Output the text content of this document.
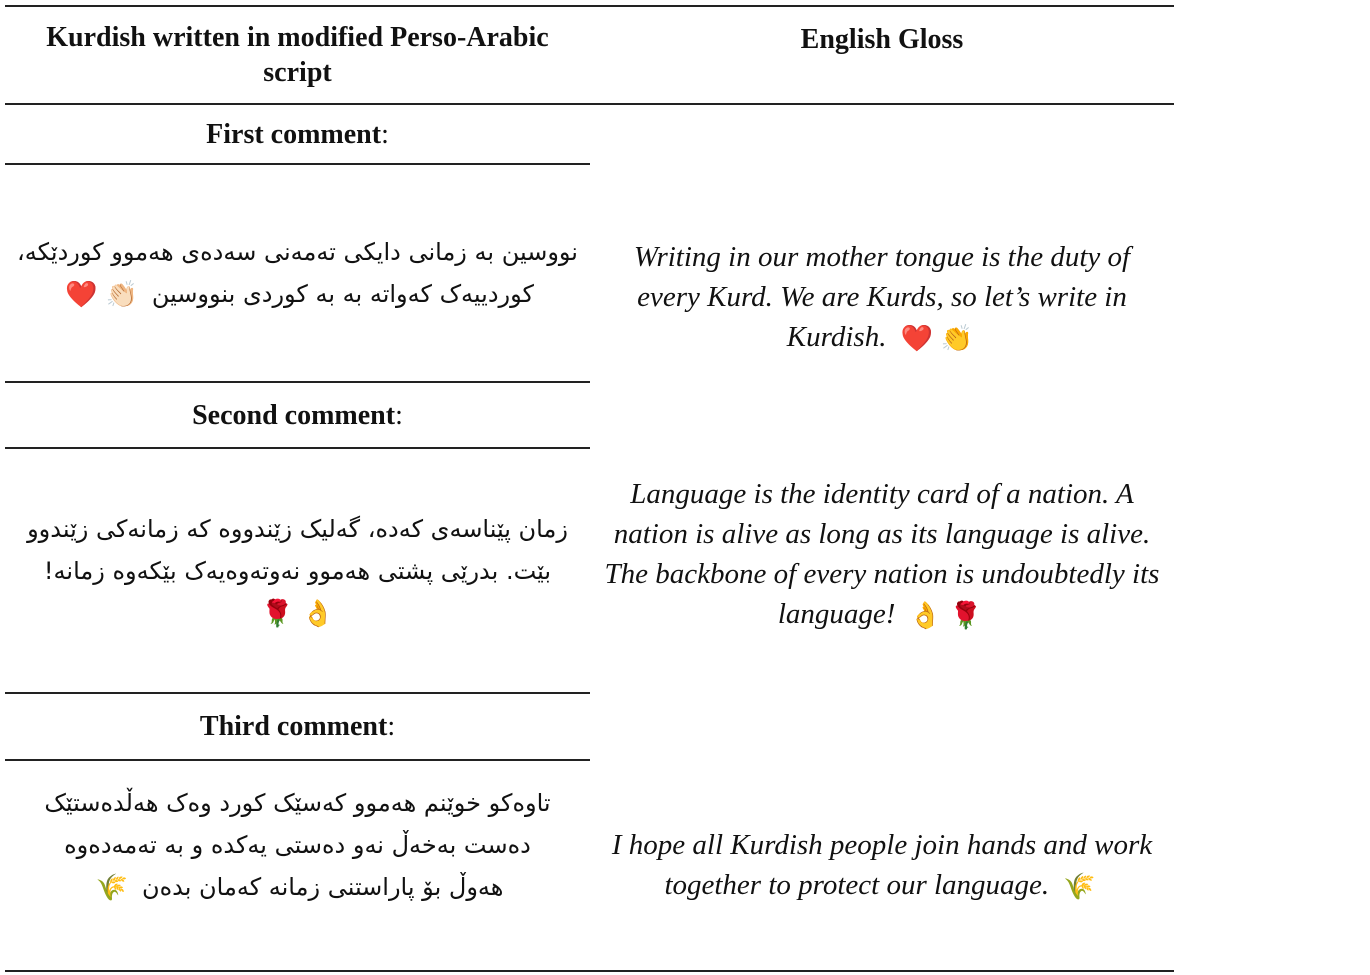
Kurdish written in modified Perso-Arabic script
English Gloss
First comment:
نووسین بە زمانی دایکی تەمەنی سەدەی هەموو کوردێکە، کوردییەک کەواتە بە بە کوردی بنووسین👏🏻❤️
Writing in our mother tongue is the duty of every Kurd. We are Kurds, so let’s write in Kurdish. ❤️ 👏
Second comment:
زمان پێناسەی کەدە، گەلیک زێندووە کە زمانەکی زێندوو بێت. بدرێی پشتی هەموو نەوتەوەیەک بێکەوە زمانە!
👌🌹
Language is the identity card of a nation. A nation is alive as long as its language is alive. The backbone of every nation is undoubtedly its language! 👌 🌹
Third comment:
تاوەکو خوێنم هەموو کەسێک کورد وەک هەڵدەستێک دەست بەخەڵ نەو دەستی یەکدە و بە تەمەدەوە هەوڵ بۆ پاراستنی زمانە کەمان بدەن🌾
I hope all Kurdish people join hands and work together to protect our language. 🌾
